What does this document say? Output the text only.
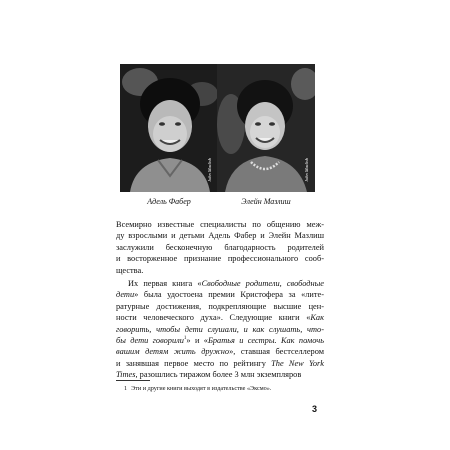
John Mazlish
Адель Фабер
John Mazlish
Элейн Мазлиш
Всемирно известные специалисты по общению меж-
ду взрослыми и детьми Адель Фабер и Элейн Мазлиш
заслужили бесконечную благодарность родителей
и восторженное признание профессионального сооб-
щества.
Их первая книга «Свободные родители, свободные
дети» была удостоена премии Кристофера за «лите-
ратурные достижения, подкрепляющие высшие цен-
ности человеческого духа». Следующие книги «Как
говорить, чтобы дети слушали, и как слушать, что-
бы дети говорили$^1$» и «Братья и сестры. Как помочь
вашим детям жить дружно», ставшая бестселлером
и занявшая первое место по рейтингу The New York
Times, разошлись тиражом более 3 млн экземпляров
1 Эти и другие книги выходят в издательстве «Эксмо».
3
